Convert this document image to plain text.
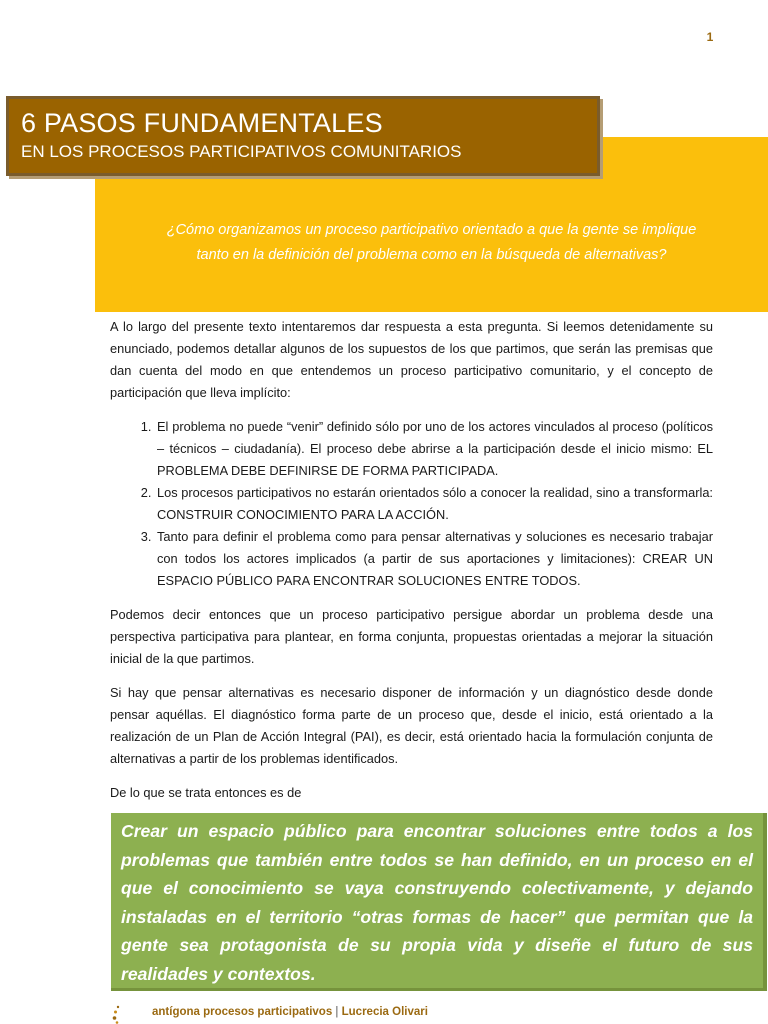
1
6 PASOS FUNDAMENTALES
EN LOS PROCESOS PARTICIPATIVOS COMUNITARIOS
¿Cómo organizamos un proceso participativo orientado a que la gente se implique
tanto en la definición del problema como en la búsqueda de alternativas?

A lo largo del presente texto intentaremos dar respuesta a esta pregunta. Si leemos detenidamente su enunciado, podemos detallar algunos de los supuestos de los que partimos, que serán las premisas que dan cuenta del modo en que entendemos un proceso participativo comunitario, y el concepto de participación que lleva implícito:

1. El problema no puede “venir” definido sólo por uno de los actores vinculados al proceso (políticos – técnicos – ciudadanía). El proceso debe abrirse a la participación desde el inicio mismo: EL PROBLEMA DEBE DEFINIRSE DE FORMA PARTICIPADA.
2. Los procesos participativos no estarán orientados sólo a conocer la realidad, sino a transformarla: CONSTRUIR CONOCIMIENTO PARA LA ACCIÓN.
3. Tanto para definir el problema como para pensar alternativas y soluciones es necesario trabajar con todos los actores implicados (a partir de sus aportaciones y limitaciones): CREAR UN ESPACIO PÚBLICO PARA ENCONTRAR SOLUCIONES ENTRE TODOS.

Podemos decir entonces que un proceso participativo persigue abordar un problema desde una perspectiva participativa para plantear, en forma conjunta, propuestas orientadas a mejorar la situación inicial de la que partimos.

Si hay que pensar alternativas es necesario disponer de información y un diagnóstico desde donde pensar aquéllas. El diagnóstico forma parte de un proceso que, desde el inicio, está orientado a la realización de un Plan de Acción Integral (PAI), es decir, está orientado hacia la formulación conjunta de alternativas a partir de los problemas identificados.

De lo que se trata entonces es de

Crear un espacio público para encontrar soluciones entre todos a los problemas que también entre todos se han definido, en un proceso en el que el conocimiento se vaya construyendo colectivamente, y dejando instaladas en el territorio “otras formas de hacer” que permitan que la gente sea protagonista de su propia vida y diseñe el futuro de sus realidades y contextos.
antígona procesos participativos | Lucrecia Olivari
